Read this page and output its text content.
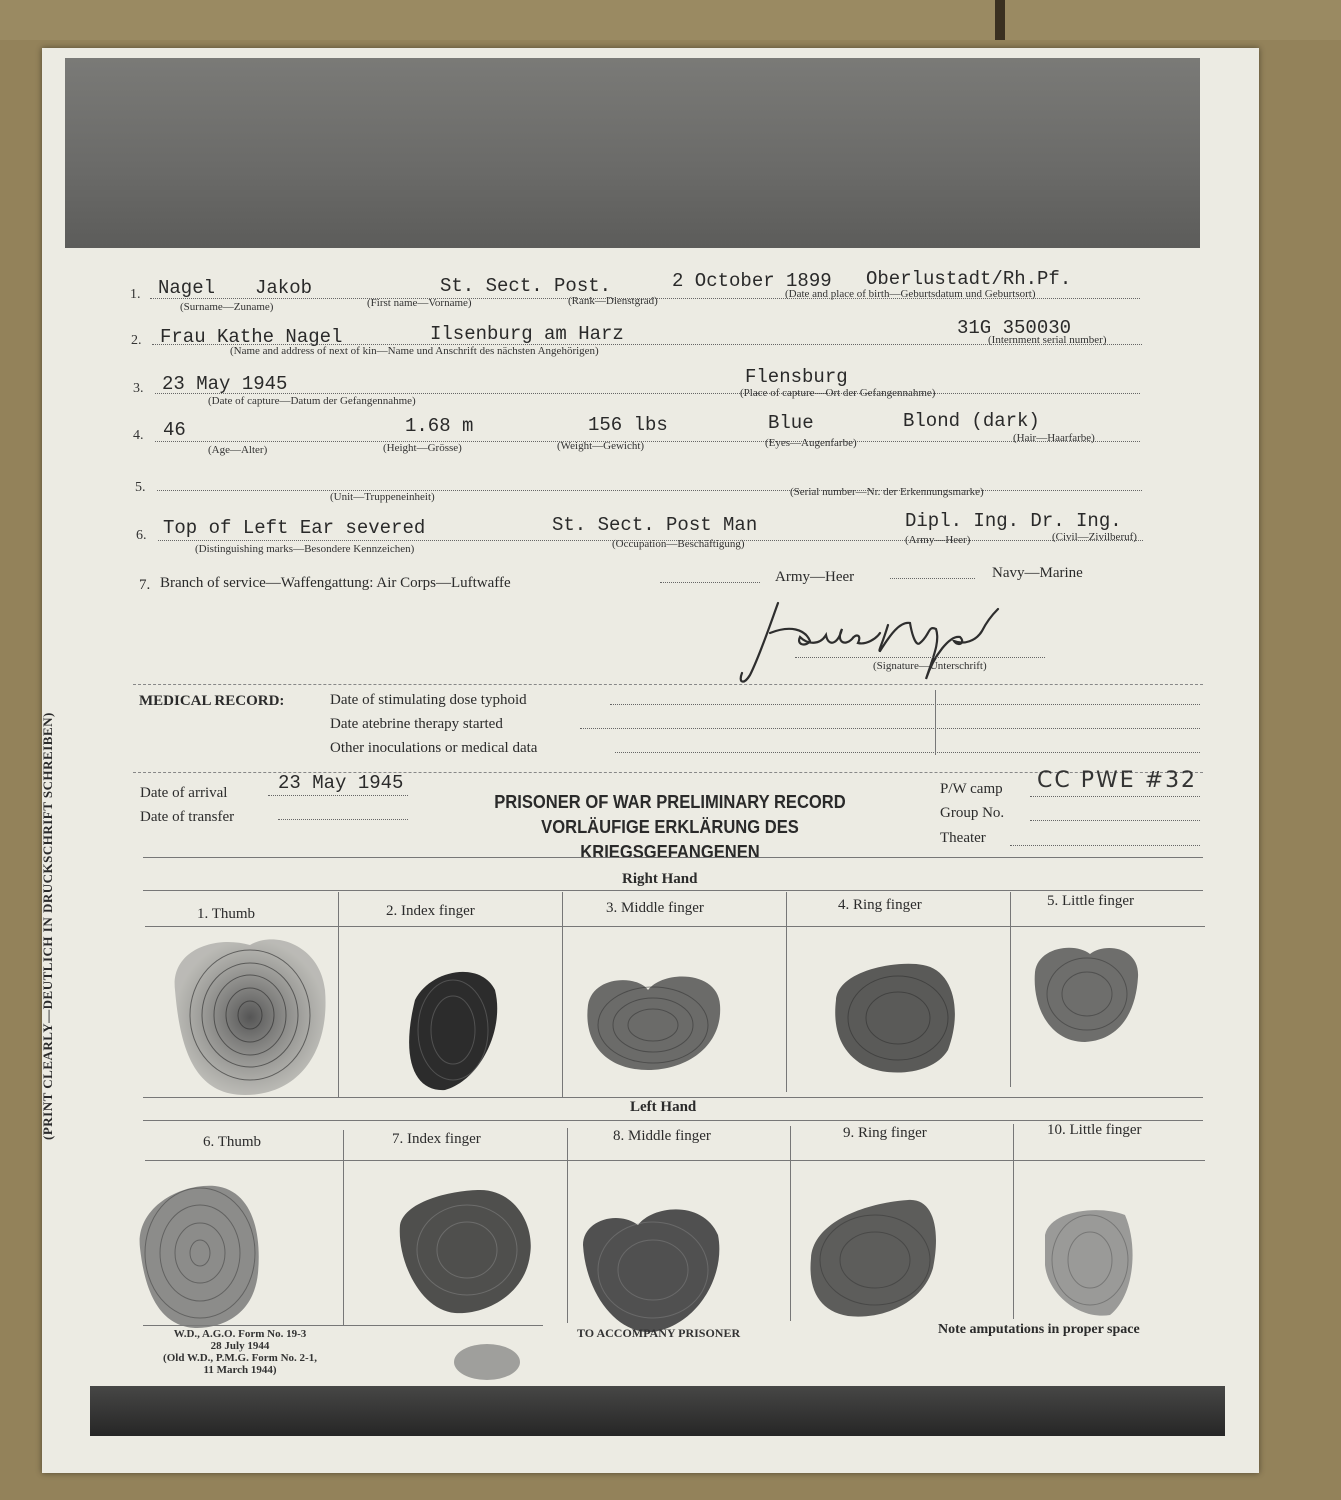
(PRINT CLEARLY—DEUTLICH IN DRUCKSCHRIFT SCHREIBEN)
1. Nagel Jakob	St. Sect. Post.	2 October 1899 Oberlustadt/Rh.Pf.
(Surname—Zuname)	(First name—Vorname)	(Rank—Dienstgrad)
(Date and place of birth—Geburtsdatum und Geburtsort)
2. Frau Kathe Nagel	Ilsenburg am Harz	31G 350030
(Name and address of next of kin—Name und Anschrift des nächsten Angehörigen)
(Internment serial number)
3. 23 May 1945	Flensburg
(Date of capture—Datum der Gefangennahme)
(Place of capture—Ort der Gefangennahme)
4. 46	1.68 m	156 lbs	Blue	Blond (dark)
(Age—Alter)	(Height—Grösse)	(Weight—Gewicht)	(Eyes—Augenfarbe)	(Hair—Haarfarbe)
5.
(Unit—Truppeneinheit)	(Serial number—Nr. der Erkennungsmarke)
6. Top of Left Ear severed	St. Sect. Post Man	Dipl. Ing. Dr. Ing.
(Distinguishing marks—Besondere Kennzeichen)	(Occupation—Beschäftigung)	(Army—Heer)	(Civil—Zivilberuf)
7. Branch of service—Waffengattung: Air Corps—Luftwaffe	Army—Heer	Navy—Marine
(Signature—Unterschrift)
MEDICAL RECORD:	Date of stimulating dose typhoid
Date atebrine therapy started
Other inoculations or medical data
Date of arrival	23 May 1945
Date of transfer
PRISONER OF WAR PRELIMINARY RECORD
VORLÄUFIGE ERKLÄRUNG DES KRIEGSGEFANGENEN
P/W camp CC PWE #32
Group No.
Theater
Right Hand
1. Thumb	2. Index finger	3. Middle finger	4. Ring finger	5. Little finger
Left Hand
6. Thumb	7. Index finger	8. Middle finger	9. Ring finger	10. Little finger
W.D., A.G.O. Form No. 19-3
28 July 1944
(Old W.D., P.M.G. Form No. 2-1,
11 March 1944)
TO ACCOMPANY PRISONER	Note amputations in proper space
